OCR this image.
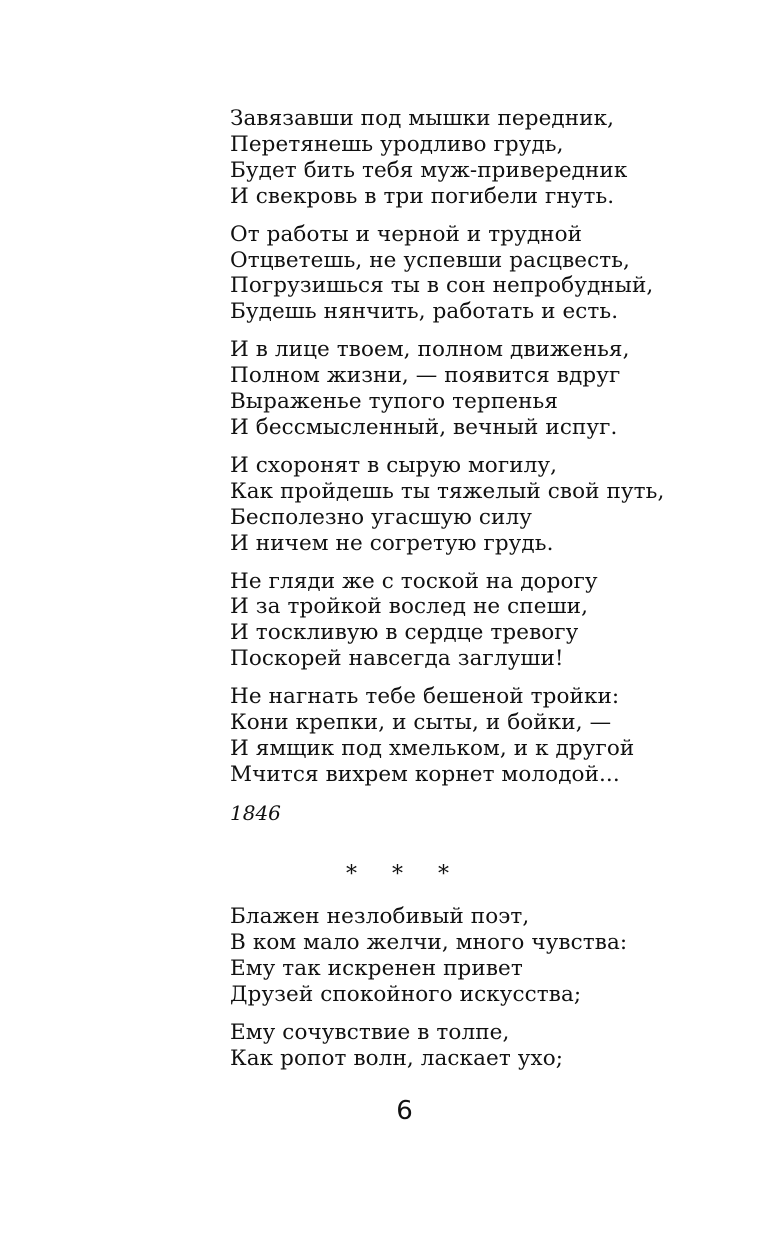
Завязавши под мышки передник,
Перетянешь уродливо грудь,
Будет бить тебя муж-привередник
И свекровь в три погибели гнуть.
От работы и черной и трудной
Отцветешь, не успевши расцвесть,
Погрузишься ты в сон непробудный,
Будешь нянчить, работать и есть.
И в лице твоем, полном движенья,
Полном жизни, — появится вдруг
Выраженье тупого терпенья
И бессмысленный, вечный испуг.
И схоронят в сырую могилу,
Как пройдешь ты тяжелый свой путь,
Бесполезно угасшую силу
И ничем не согретую грудь.
Не гляди же с тоской на дорогу
И за тройкой вослед не спеши,
И тоскливую в сердце тревогу
Поскорей навсегда заглуши!
Не нагнать тебе бешеной тройки:
Кони крепки, и сыты, и бойки, —
И ямщик под хмельком, и к другой
Мчится вихрем корнет молодой...
1846
* * *
Блажен незлобивый поэт,
В ком мало желчи, много чувства:
Ему так искренен привет
Друзей спокойного искусства;
Ему сочувствие в толпе,
Как ропот волн, ласкает ухо;
6
